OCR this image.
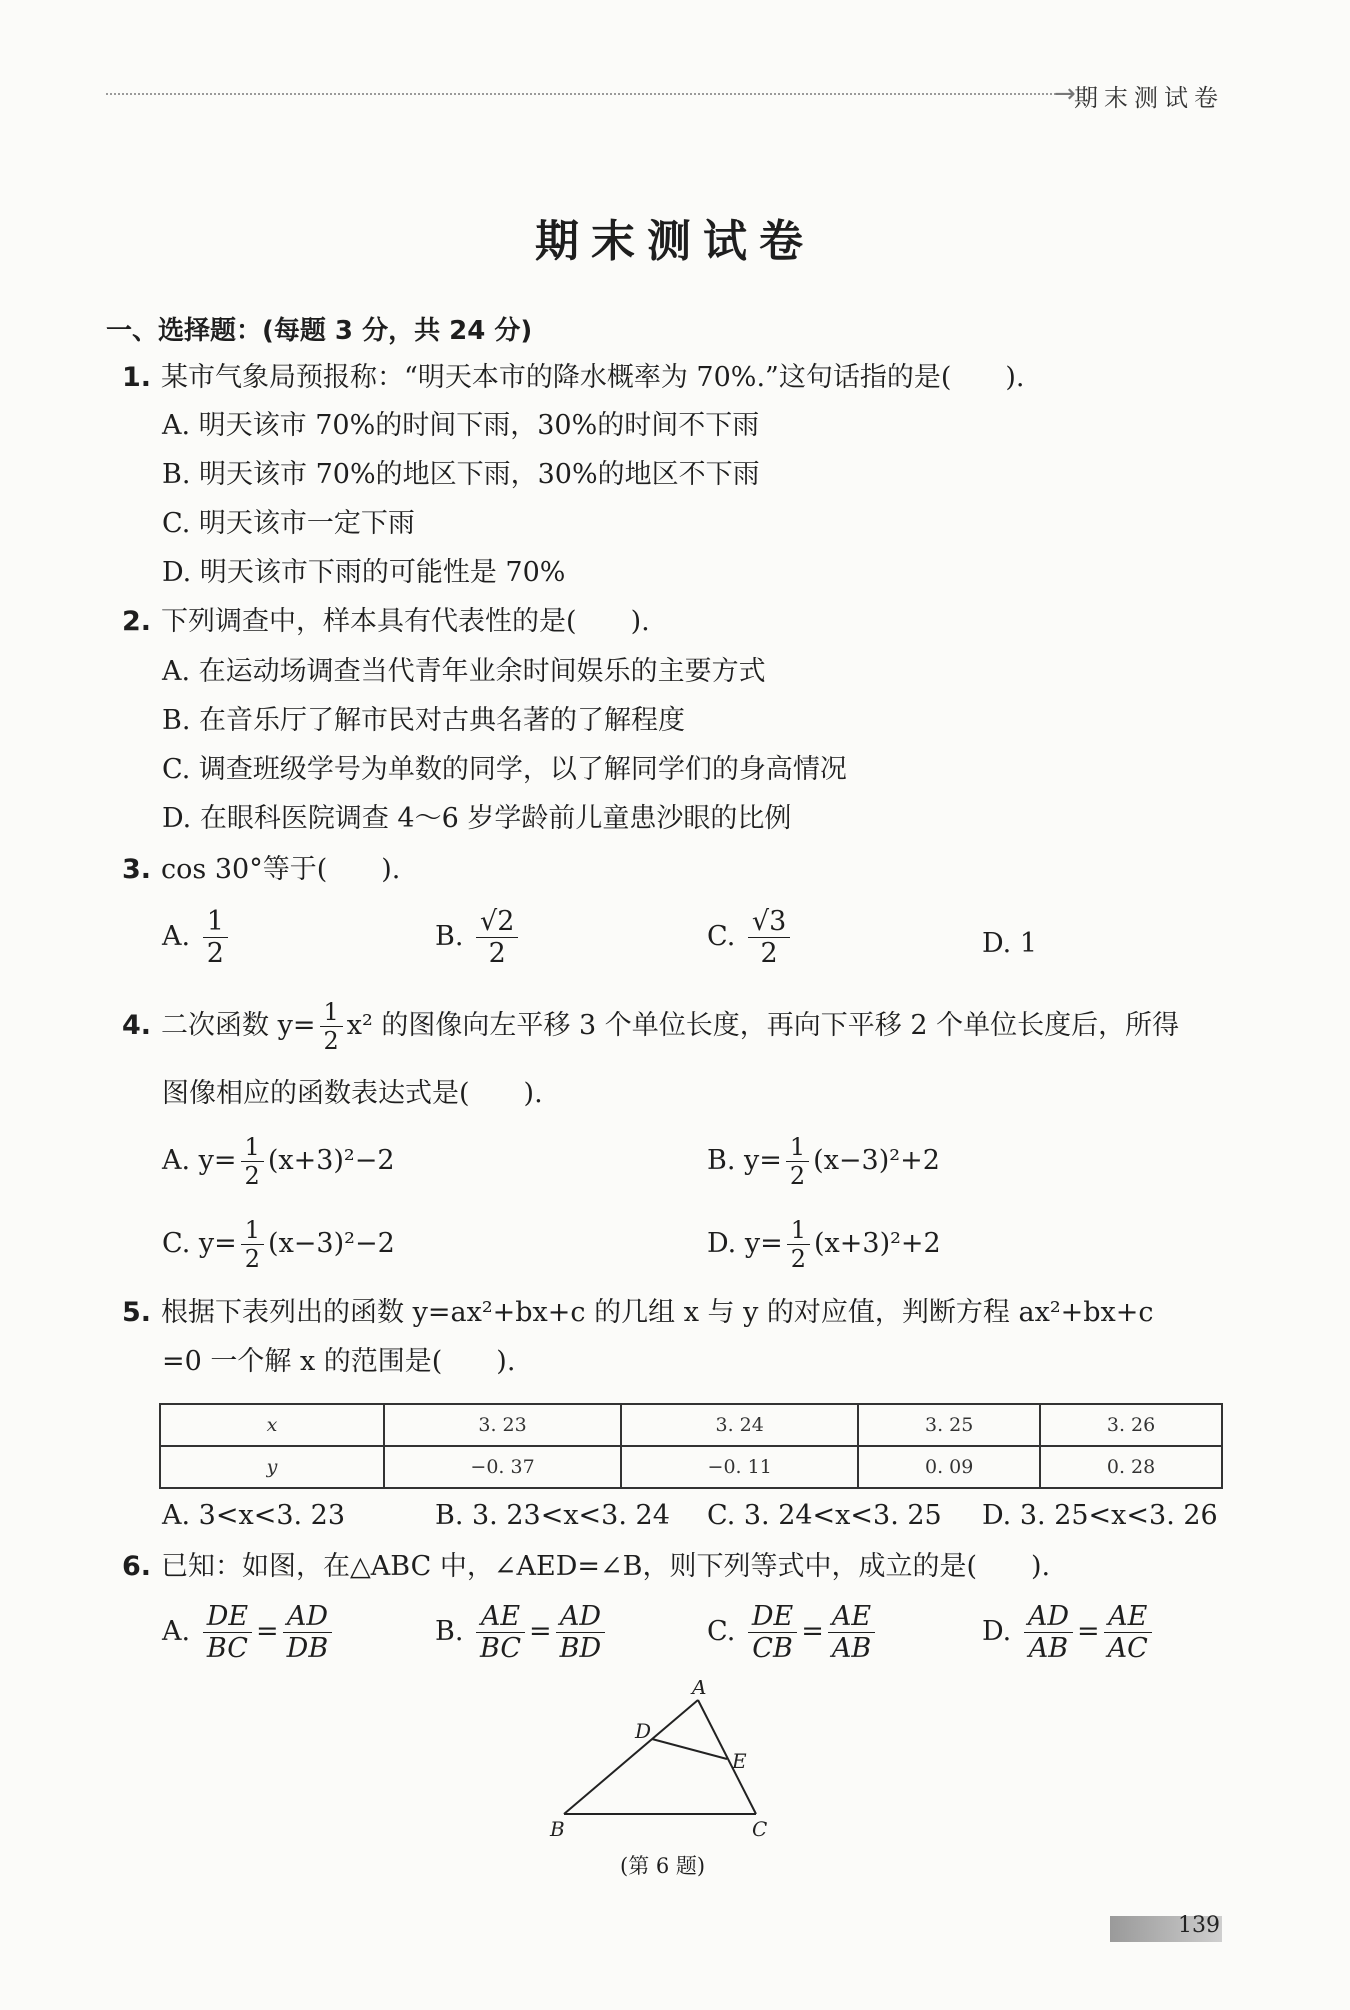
→
期末测试卷
期末测试卷
一、选择题：(每题 3 分，共 24 分)
1. 某市气象局预报称：“明天本市的降水概率为 70%.”这句话指的是(　　).
A. 明天该市 70%的时间下雨，30%的时间不下雨
B. 明天该市 70%的地区下雨，30%的地区不下雨
C. 明天该市一定下雨
D. 明天该市下雨的可能性是 70%
2. 下列调查中，样本具有代表性的是(　　).
A. 在运动场调查当代青年业余时间娱乐的主要方式
B. 在音乐厅了解市民对古典名著的了解程度
C. 调查班级学号为单数的同学，以了解同学们的身高情况
D. 在眼科医院调查 4～6 岁学龄前儿童患沙眼的比例
3. cos 30°等于(　　).
A. $\frac{1}{2}$	B. $\frac{√2}{2}$	C. $\frac{√3}{2}$	D. 1
4. 二次函数 $y= \frac{1}{2} x^2$ 的图像向左平移 3 个单位长度，再向下平移 2 个单位长度后，所得
图像相应的函数表达式是(　　).
A. $y= \frac{1}{2} (x+3)^2-2$	B. $y= \frac{1}{2} (x-3)^2+2$
C. $y= \frac{1}{2} (x-3)^2-2$	D. $y= \frac{1}{2} (x+3)^2+2$
5. 根据下表列出的函数 y=ax²+bx+c 的几组 x 与 y 的对应值，判断方程 ax²+bx+c
=0 一个解 x 的范围是(　　).
x	3. 23	3. 24	3. 25	3. 26
y	−0. 37	−0. 11	0. 09	0. 28
A. 3<x<3. 23	B. 3. 23<x<3. 24 C. 3. 24<x<3. 25 D. 3. 25<x<3. 26
6. 已知：如图，在△ABC 中，∠AED=∠B，则下列等式中，成立的是(　　).
A. $\frac{DE}{BC} = \frac{AD}{DB}$	B. $\frac{AE}{BC} = \frac{AD}{BD}$	C. $\frac{DE}{CB} = \frac{AE}{AB}$	D. $\frac{AD}{AB} = \frac{AE}{AC}$
A
B	C
D
E
(第 6 题)
139
